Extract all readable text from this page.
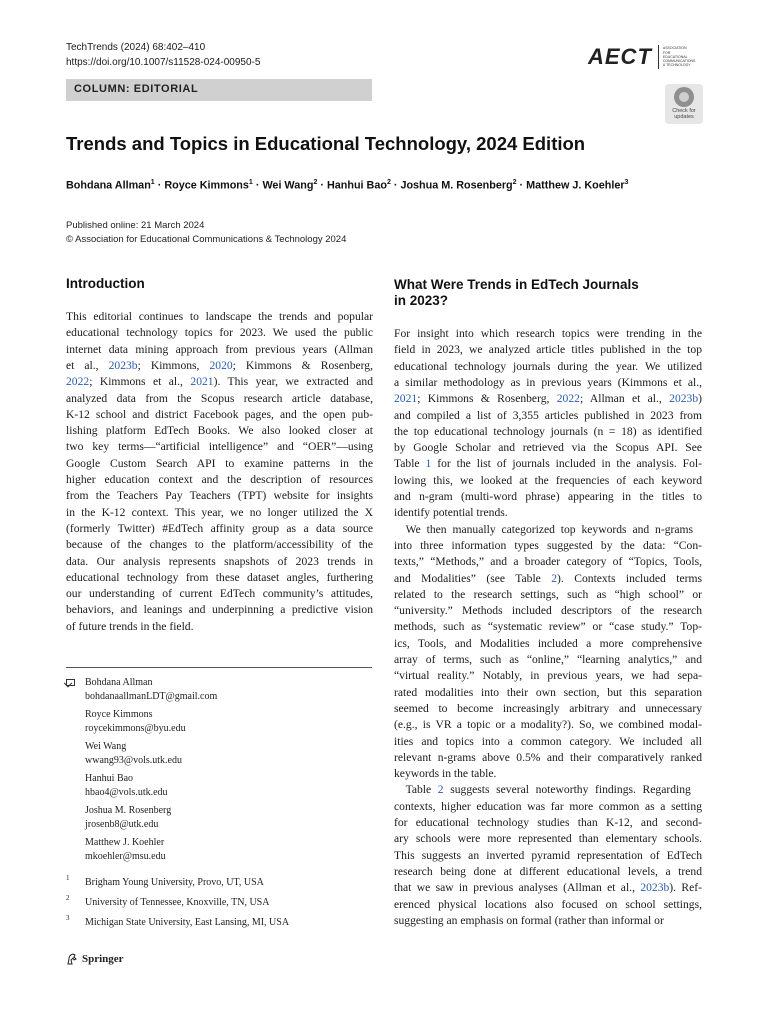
TechTrends (2024) 68:402–410
https://doi.org/10.1007/s11528-024-00950-5	AECT	ASSOCIATION FOR EDUCATIONAL COMMUNICATIONS & TECHNOLOGY
COLUMN: EDITORIAL
Check for
updates
Trends and Topics in Educational Technology, 2024 Edition
Bohdana Allman$^1$ · Royce Kimmons$^1$ · Wei Wang$^2$ · Hanhui Bao$^2$ · Joshua M. Rosenberg$^2$ · Matthew J. Koehler$^3$
Published online: 21 March 2024
© Association for Educational Communications & Technology 2024
Introduction
This editorial continues to landscape the trends and popular
educational technology topics for 2023. We used the public
internet data mining approach from previous years (Allman
et al., 2023b; Kimmons, 2020; Kimmons & Rosenberg,
2022; Kimmons et al., 2021). This year, we extracted and
analyzed data from the Scopus research article database,
K-12 school and district Facebook pages, and the open pub-
lishing platform EdTech Books. We also looked closer at
two key terms—“artificial intelligence” and “OER”—using
Google Custom Search API to examine patterns in the
higher education context and the description of resources
from the Teachers Pay Teachers (TPT) website for insights
in the K-12 context. This year, we no longer utilized the X
(formerly Twitter) #EdTech affinity group as a data source
because of the changes to the platform/accessibility of the
data. Our analysis represents snapshots of 2023 trends in
educational technology from these dataset angles, furthering
our understanding of current EdTech community’s attitudes,
behaviors, and leanings and underpinning a predictive vision
of future trends in the field.
Bohdana Allman
bohdanaallmanLDT@gmail.com
Royce Kimmons
roycekimmons@byu.edu
Wei Wang
wwang93@vols.utk.edu
Hanhui Bao
hbao4@vols.utk.edu
Joshua M. Rosenberg
jrosenb8@utk.edu
Matthew J. Koehler
mkoehler@msu.edu
1 Brigham Young University, Provo, UT, USA
2 University of Tennessee, Knoxville, TN, USA
3 Michigan State University, East Lansing, MI, USA
What Were Trends in EdTech Journals
in 2023?
For insight into which research topics were trending in the
field in 2023, we analyzed article titles published in the top
educational technology journals during the year. We utilized
a similar methodology as in previous years (Kimmons et al.,
2021; Kimmons & Rosenberg, 2022; Allman et al., 2023b)
and compiled a list of 3,355 articles published in 2023 from
the top educational technology journals (n = 18) as identified
by Google Scholar and retrieved via the Scopus API. See
Table 1 for the list of journals included in the analysis. Fol-
lowing this, we looked at the frequencies of each keyword
and n-gram (multi-word phrase) appearing in the titles to
identify potential trends.
 We then manually categorized top keywords and n-grams
into three information types suggested by the data: “Con-
texts,” “Methods,” and a broader category of “Topics, Tools,
and Modalities” (see Table 2). Contexts included terms
related to the research settings, such as “high school” or
“university.” Methods included descriptors of the research
methods, such as “systematic review” or “case study.” Top-
ics, Tools, and Modalities included a more comprehensive
array of terms, such as “online,” “learning analytics,” and
“virtual reality.” Notably, in previous years, we had sepa-
rated modalities into their own section, but this separation
seemed to become increasingly arbitrary and unnecessary
(e.g., is VR a topic or a modality?). So, we combined modal-
ities and topics into a common category. We included all
relevant n-grams above 0.5% and their comparatively ranked
keywords in the table.
 Table 2 suggests several noteworthy findings. Regarding
contexts, higher education was far more common as a setting
for educational technology studies than K-12, and second-
ary schools were more represented than elementary schools.
This suggests an inverted pyramid representation of EdTech
research being done at different educational levels, a trend
that we saw in previous analyses (Allman et al., 2023b). Ref-
erenced physical locations also focused on school settings,
suggesting an emphasis on formal (rather than informal or
Springer
